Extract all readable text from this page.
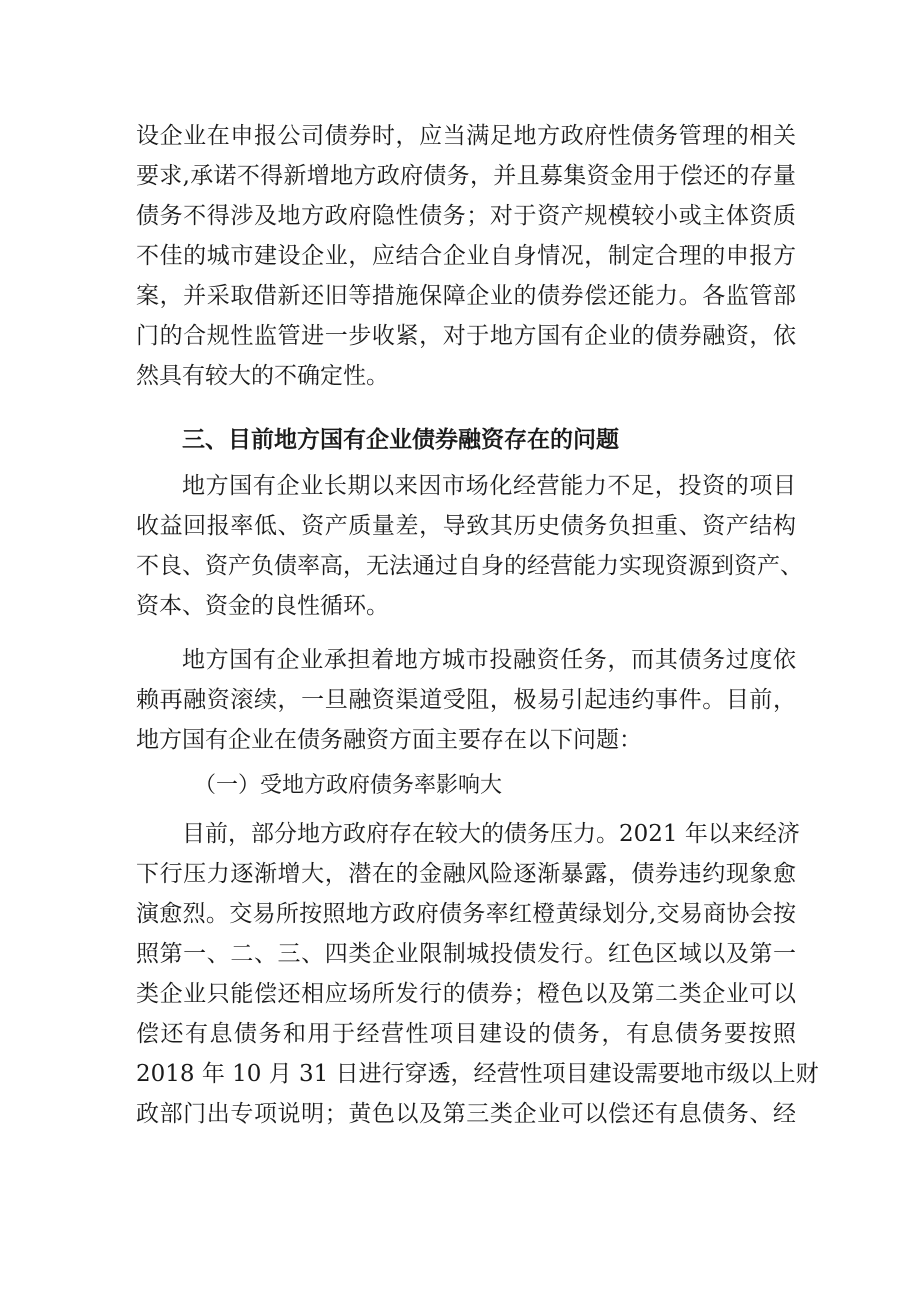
设企业在申报公司债券时，应当满足地方政府性债务管理的相关
要求,承诺不得新增地方政府债务，并且募集资金用于偿还的存量
债务不得涉及地方政府隐性债务；对于资产规模较小或主体资质
不佳的城市建设企业，应结合企业自身情况，制定合理的申报方
案，并采取借新还旧等措施保障企业的债券偿还能力。各监管部
门的合规性监管进一步收紧，对于地方国有企业的债券融资，依
然具有较大的不确定性。
三、目前地方国有企业债券融资存在的问题
地方国有企业长期以来因市场化经营能力不足，投资的项目
收益回报率低、资产质量差，导致其历史债务负担重、资产结构
不良、资产负债率高，无法通过自身的经营能力实现资源到资产、
资本、资金的良性循环。
地方国有企业承担着地方城市投融资任务，而其债务过度依
赖再融资滚续，一旦融资渠道受阻，极易引起违约事件。目前，
地方国有企业在债务融资方面主要存在以下问题：
（一）受地方政府债务率影响大
目前，部分地方政府存在较大的债务压力。2021 年以来经济
下行压力逐渐增大，潜在的金融风险逐渐暴露，债券违约现象愈
演愈烈。交易所按照地方政府债务率红橙黄绿划分,交易商协会按
照第一、二、三、四类企业限制城投债发行。红色区域以及第一
类企业只能偿还相应场所发行的债券；橙色以及第二类企业可以
偿还有息债务和用于经营性项目建设的债务，有息债务要按照
2018 年 10 月 31 日进行穿透，经营性项目建设需要地市级以上财
政部门出专项说明；黄色以及第三类企业可以偿还有息债务、经
